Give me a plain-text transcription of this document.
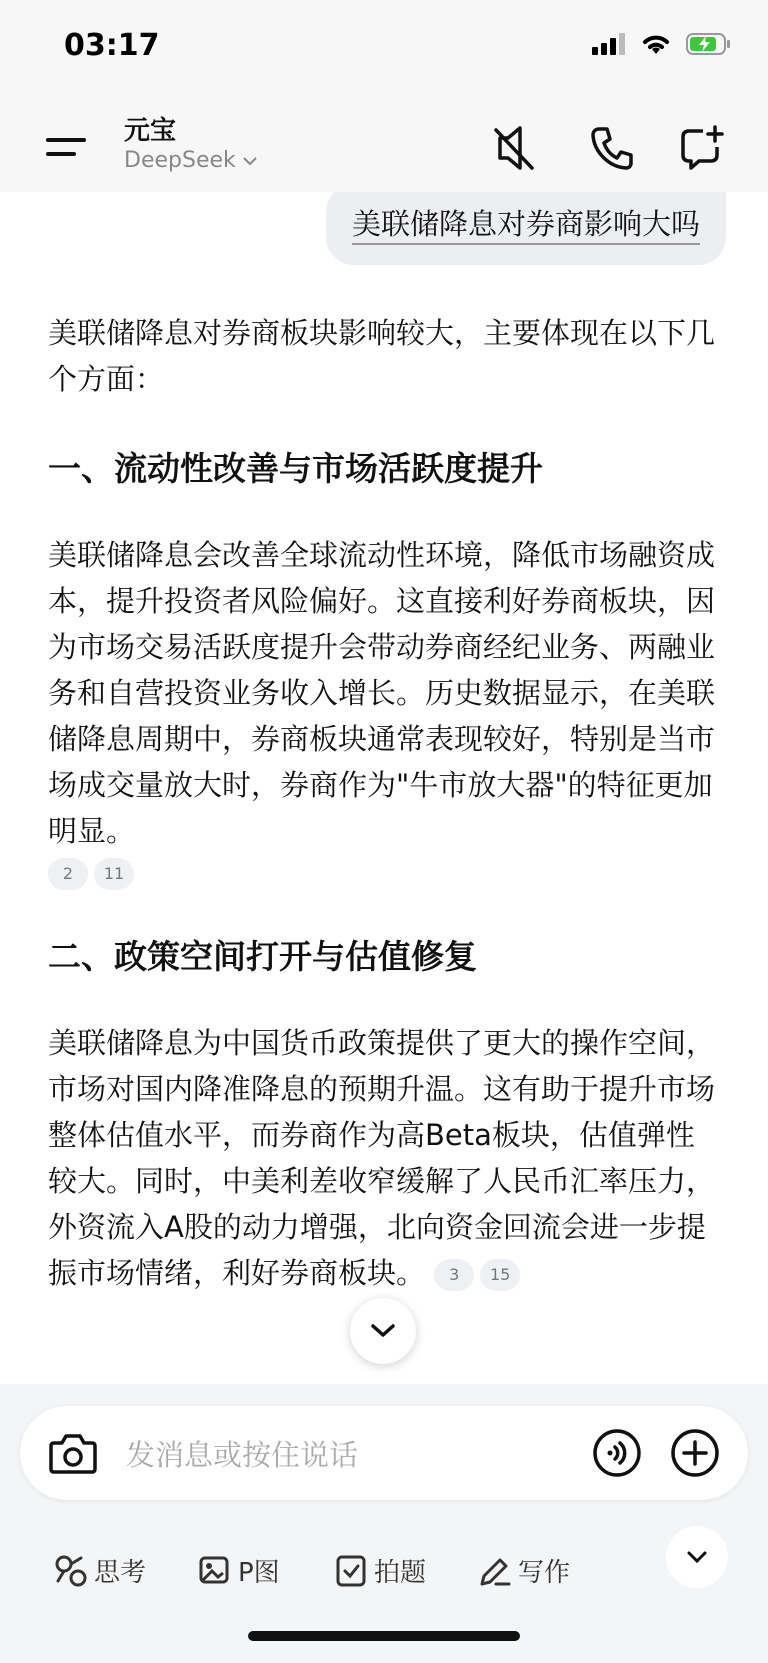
03:17
元宝
DeepSeek
美联储降息对券商影响大吗

美联储降息对券商板块影响较大，主要体现在以下几个方面：

一、流动性改善与市场活跃度提升

美联储降息会改善全球流动性环境，降低市场融资成本，提升投资者风险偏好。这直接利好券商板块，因为市场交易活跃度提升会带动券商经纪业务、两融业务和自营投资业务收入增长。历史数据显示，在美联储降息周期中，券商板块通常表现较好，特别是当市场成交量放大时，券商作为"牛市放大器"的特征更加明显。

2 11
二、政策空间打开与估值修复

美联储降息为中国货币政策提供了更大的操作空间，市场对国内降准降息的预期升温。这有助于提升市场整体估值水平，而券商作为高Beta板块，估值弹性较大。同时，中美利差收窄缓解了人民币汇率压力，外资流入A股的动力增强，北向资金回流会进一步提振市场情绪，利好券商板块。 3 15

发消息或按住说话
思考	P图	拍题	写作
